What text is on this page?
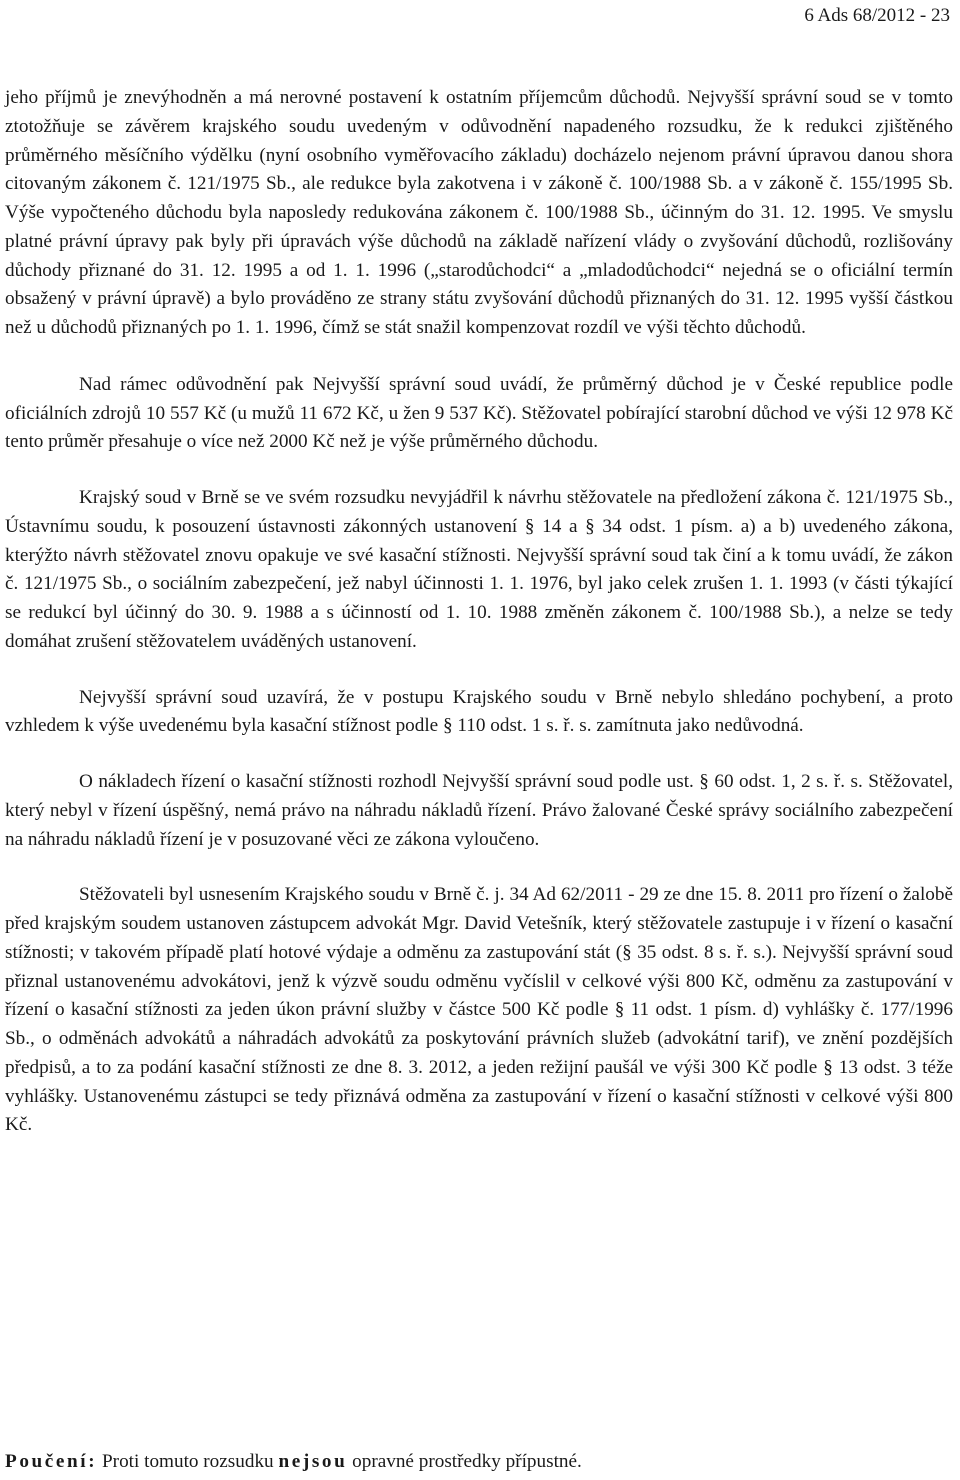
6 Ads 68/2012 - 23

jeho příjmů je znevýhodněn a má nerovné postavení k ostatním příjemcům důchodů. Nejvyšší správní soud se v tomto ztotožňuje se závěrem krajského soudu uvedeným v odůvodnění napadeného rozsudku, že k redukci zjištěného průměrného měsíčního výdělku (nyní osobního vyměřovacího základu) docházelo nejenom právní úpravou danou shora citovaným zákonem č. 121/1975 Sb., ale redukce byla zakotvena i v zákoně č. 100/1988 Sb. a v zákoně č. 155/1995 Sb. Výše vypočteného důchodu byla naposledy redukována zákonem č. 100/1988 Sb., účinným do 31. 12. 1995. Ve smyslu platné právní úpravy pak byly při úpravách výše důchodů na základě nařízení vlády o zvyšování důchodů, rozlišovány důchody přiznané do 31. 12. 1995 a od 1. 1. 1996 („starodůchodci“ a „mladodůchodci“ nejedná se o oficiální termín obsažený v právní úpravě) a bylo prováděno ze strany státu zvyšování důchodů přiznaných do 31. 12. 1995 vyšší částkou než u důchodů přiznaných po 1. 1. 1996, čímž se stát snažil kompenzovat rozdíl ve výši těchto důchodů.

Nad rámec odůvodnění pak Nejvyšší správní soud uvádí, že průměrný důchod je v České republice podle oficiálních zdrojů 10 557 Kč (u mužů 11 672 Kč, u žen 9 537 Kč). Stěžovatel pobírající starobní důchod ve výši 12 978 Kč tento průměr přesahuje o více než 2000 Kč než je výše průměrného důchodu.

Krajský soud v Brně se ve svém rozsudku nevyjádřil k návrhu stěžovatele na předložení zákona č. 121/1975 Sb., Ústavnímu soudu, k posouzení ústavnosti zákonných ustanovení § 14 a § 34 odst. 1 písm. a) a b) uvedeného zákona, kterýžto návrh stěžovatel znovu opakuje ve své kasační stížnosti. Nejvyšší správní soud tak činí a k tomu uvádí, že zákon č. 121/1975 Sb., o sociálním zabezpečení, jež nabyl účinnosti 1. 1. 1976, byl jako celek zrušen 1. 1. 1993 (v části týkající se redukcí byl účinný do 30. 9. 1988 a s účinností od 1. 10. 1988 změněn zákonem č. 100/1988 Sb.), a nelze se tedy domáhat zrušení stěžovatelem uváděných ustanovení.

Nejvyšší správní soud uzavírá, že v postupu Krajského soudu v Brně nebylo shledáno pochybení, a proto vzhledem k výše uvedenému byla kasační stížnost podle § 110 odst. 1 s. ř. s. zamítnuta jako nedůvodná.

O nákladech řízení o kasační stížnosti rozhodl Nejvyšší správní soud podle ust. § 60 odst. 1, 2 s. ř. s. Stěžovatel, který nebyl v řízení úspěšný, nemá právo na náhradu nákladů řízení. Právo žalované České správy sociálního zabezpečení na náhradu nákladů řízení je v posuzované věci ze zákona vyloučeno.

Stěžovateli byl usnesením Krajského soudu v Brně č. j. 34 Ad 62/2011 - 29 ze dne 15. 8. 2011 pro řízení o žalobě před krajským soudem ustanoven zástupcem advokát Mgr. David Vetešník, který stěžovatele zastupuje i v řízení o kasační stížnosti; v takovém případě platí hotové výdaje a odměnu za zastupování stát (§ 35 odst. 8 s. ř. s.). Nejvyšší správní soud přiznal ustanovenému advokátovi, jenž k výzvě soudu odměnu vyčíslil v celkové výši 800 Kč, odměnu za zastupování v řízení o kasační stížnosti za jeden úkon právní služby v částce 500 Kč podle § 11 odst. 1 písm. d) vyhlášky č. 177/1996 Sb., o odměnách advokátů a náhradách advokátů za poskytování právních služeb (advokátní tarif), ve znění pozdějších předpisů, a to za podání kasační stížnosti ze dne 8. 3. 2012, a jeden režijní paušál ve výši 300 Kč podle § 13 odst. 3 téže vyhlášky. Ustanovenému zástupci se tedy přiznává odměna za zastupování v řízení o kasační stížnosti v celkové výši 800 Kč.

Poučení: Proti tomuto rozsudku nejsou opravné prostředky přípustné.
